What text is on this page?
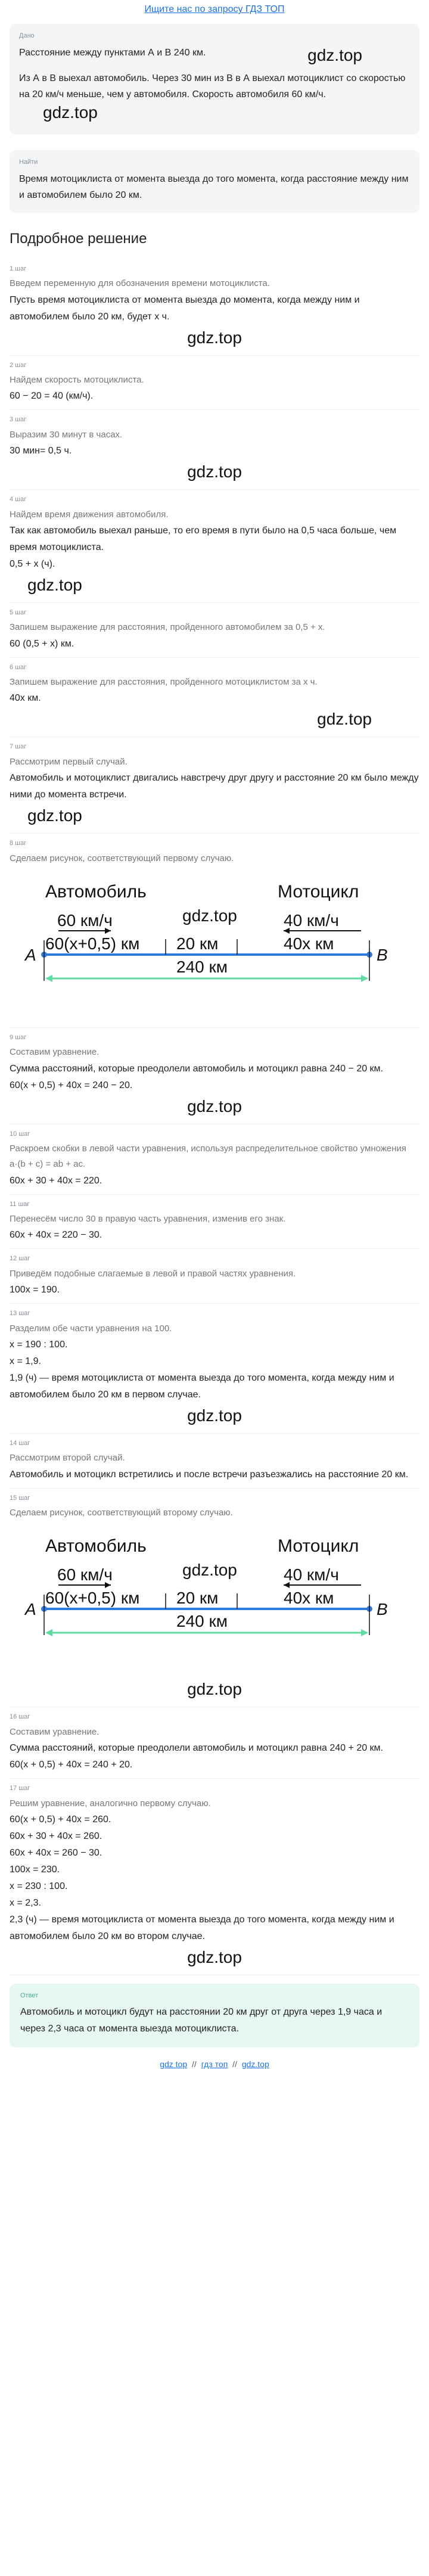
Ищите нас по запросу ГДЗ ТОП
Дано
Расстояние между пунктами А и В 240 км.	gdz.top
Из А в В выехал автомобиль. Через 30 мин из В в А выехал мотоциклист со скоростью на 20 км/ч меньше, чем у автомобиля. Скорость автомобиля 60 км/ч.
gdz.top
Найти
Время мотоциклиста от момента выезда до того момента, когда расстояние между ним и автомобилем было 20 км.
Подробное решение
1 шаг
Введем переменную для обозначения времени мотоциклиста.
Пусть время мотоциклиста от момента выезда до момента, когда между ним и автомобилем было 20 км, будет x ч.
gdz.top
2 шаг
Найдем скорость мотоциклиста.
60 − 20 = 40 (км/ч).
3 шаг
Выразим 30 минут в часах.
30 мин= 0,5 ч.
gdz.top
4 шаг
Найдем время движения автомобиля.
Так как автомобиль выехал раньше, то его время в пути было на 0,5 часа больше, чем время мотоциклиста.
0,5 + x (ч).
gdz.top
5 шаг
Запишем выражение для расстояния, пройденного автомобилем за 0,5 + x.
60 (0,5 + x) км.
6 шаг
Запишем выражение для расстояния, пройденного мотоциклистом за x ч.
40x км.
gdz.top
7 шаг
Рассмотрим первый случай.
Автомобиль и мотоциклист двигались навстречу друг другу и расстояние 20 км было между ними до момента встречи.
gdz.top
8 шаг
Сделаем рисунок, соответствующий первому случаю.
Автомобиль	Мотоцикл
gdz.top
60 км/ч	40 км/ч
60(x+0,5) км 20 км	40x км
А	В
240 км
9 шаг
Составим уравнение.
Сумма расстояний, которые преодолели автомобиль и мотоцикл равна 240 − 20 км.
60(x + 0,5) + 40x = 240 − 20.
gdz.top
10 шаг
Раскроем скобки в левой части уравнения, используя распределительное свойство умножения a·(b + c) = ab + ac.
60x + 30 + 40x = 220.
11 шаг
Перенесём число 30 в правую часть уравнения, изменив его знак.
60x + 40x = 220 − 30.
12 шаг
Приведём подобные слагаемые в левой и правой частях уравнения.
100x = 190.
13 шаг
Разделим обе части уравнения на 100.
x = 190 : 100.
x = 1,9.
1,9 (ч) — время мотоциклиста от момента выезда до того момента, когда между ним и автомобилем было 20 км в первом случае.
gdz.top
14 шаг
Рассмотрим второй случай.
Автомобиль и мотоцикл встретились и после встречи разъезжались на расстояние 20 км.
15 шаг
Сделаем рисунок, соответствующий второму случаю.
Автомобиль	Мотоцикл
gdz.top
60 км/ч	40 км/ч
60(x+0,5) км 20 км	40x км
А	В
240 км
gdz.top
16 шаг
Составим уравнение.
Сумма расстояний, которые преодолели автомобиль и мотоцикл равна 240 + 20 км.
60(x + 0,5) + 40x = 240 + 20.
17 шаг
Решим уравнение, аналогично первому случаю.
60(x + 0,5) + 40x = 260.
60x + 30 + 40x = 260.
60x + 40x = 260 − 30.
100x = 230.
x = 230 : 100.
x = 2,3.
2,3 (ч) — время мотоциклиста от момента выезда до того момента, когда между ним и автомобилем было 20 км во втором случае.
gdz.top
Ответ
Автомобиль и мотоцикл будут на расстоянии 20 км друг от друга через 1,9 часа и через 2,3 часа от момента выезда мотоциклиста.
gdz top // гдз топ // gdz.top
